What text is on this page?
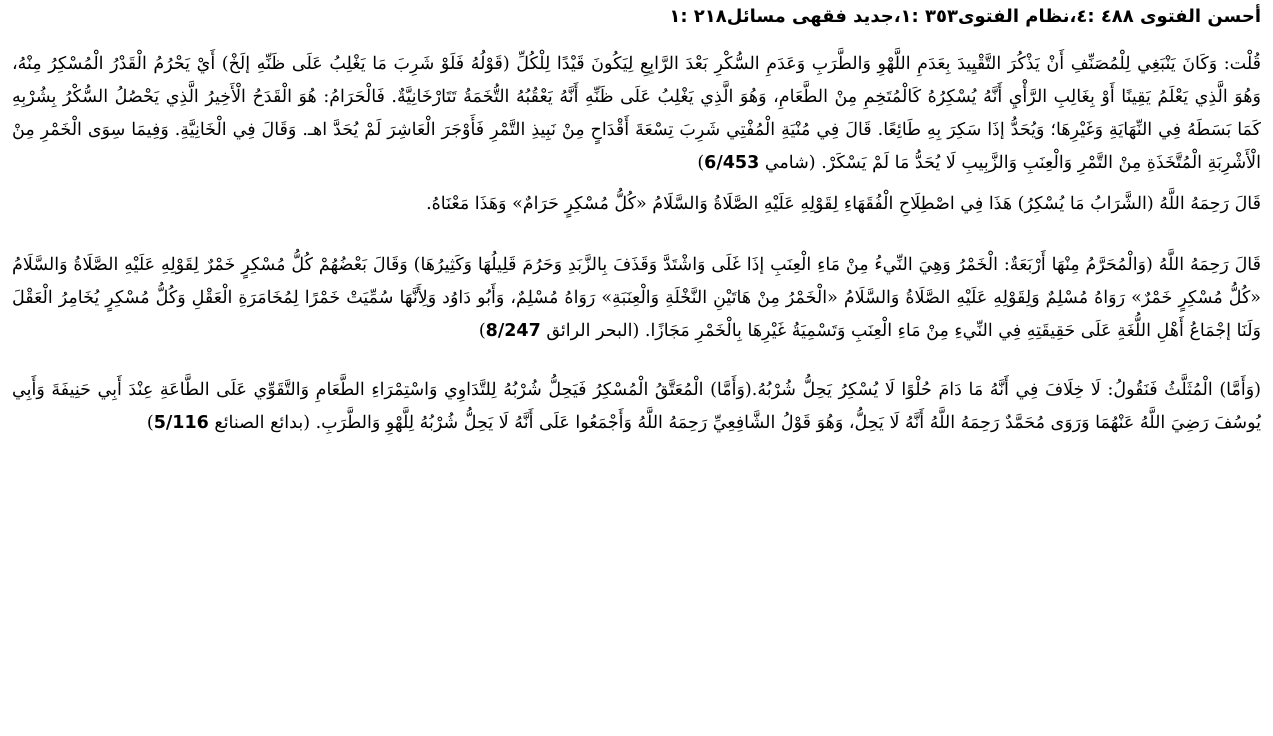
أحسن الفتوى ٤٨٨ :٤،نظام الفتوى٣٥٣ :١،جديد فقهى مسائل٢١٨ :١

قُلْت: وَكَانَ يَنْبَغِي لِلْمُصَنِّفِ أَنْ يَذْكُرَ التَّقْيِيدَ بِعَدَمِ اللَّهْوِ وَالطَّرَبِ وَعَدَمِ السُّكْرِ بَعْدَ الرَّابِعِ لِيَكُونَ قَيْدًا لِلْكُلِّ (قَوْلُهُ فَلَوْ شَرِبَ مَا يَغْلِبُ عَلَى ظَنِّهِ إلَخْ) أَيْ يَحْرُمُ الْقَدْرُ الْمُسْكِرُ مِنْهُ، وَهُوَ الَّذِي يَعْلَمُ يَقِينًا أَوْ بِغَالِبِ الرَّأْيِ أَنَّهُ يُسْكِرُهُ كَالْمُتَخِمِ مِنْ الطَّعَامِ، وَهُوَ الَّذِي يَغْلِبُ عَلَى ظَنِّهِ أَنَّهُ يَعْقُبُهُ التُّخَمَةُ تَتَارْخَانِيَّةٌ. فَالْحَرَامُ: هُوَ الْقَدَحُ الْأَخِيرُ الَّذِي يَحْصُلُ السُّكْرُ بِشُرْبِهِ كَمَا بَسَطَهُ فِي النِّهَايَةِ وَغَيْرِهَا؛ وَيُحَدُّ إذَا سَكِرَ بِهِ طَائِعًا. قَالَ فِي مُنْيَةِ الْمُفْتِي شَرِبَ تِسْعَةَ أَقْدَاحٍ مِنْ نَبِيذِ التَّمْرِ فَأَوْجَرَ الْعَاشِرَ لَمْ يُحَدَّ اهـ. وَقَالَ فِي الْخَانِيَّةِ. وَفِيمَا سِوَى الْخَمْرِ مِنْ الْأَشْرِبَةِ الْمُتَّخَذَةِ مِنْ التَّمْرِ وَالْعِنَبِ وَالزَّبِيبِ لَا يُحَدُّ مَا لَمْ يَسْكَرْ. (شامي 6/453)

قَالَ رَحِمَهُ اللَّهُ (الشَّرَابُ مَا يُسْكِرُ) هَذَا فِي اصْطِلَاحِ الْفُقَهَاءِ لِقَوْلِهِ عَلَيْهِ الصَّلَاةُ وَالسَّلَامُ «كُلُّ مُسْكِرٍ حَرَامٌ» وَهَذَا مَعْنَاهُ.

قَالَ رَحِمَهُ اللَّهُ (وَالْمُحَرَّمُ مِنْهَا أَرْبَعَةٌ: الْخَمْرُ وَهِيَ النِّيءُ مِنْ مَاءِ الْعِنَبِ إذَا غَلَى وَاشْتَدَّ وَقَذَفَ بِالزَّبَدِ وَحَرُمَ قَلِيلُهَا وَكَثِيرُهَا) وَقَالَ بَعْضُهُمْ كُلُّ مُسْكِرٍ خَمْرٌ لِقَوْلِهِ عَلَيْهِ الصَّلَاةُ وَالسَّلَامُ «كُلُّ مُسْكِرٍ خَمْرٌ» رَوَاهُ مُسْلِمٌ وَلِقَوْلِهِ عَلَيْهِ الصَّلَاةُ وَالسَّلَامُ «الْخَمْرُ مِنْ هَاتَيْنِ النَّخْلَةِ وَالْعِنَبَةِ» رَوَاهُ مُسْلِمٌ، وَأَبُو دَاوُد وَلِأَنَّهَا سُمِّيَتْ خَمْرًا لِمُخَامَرَةِ الْعَقْلِ وَكُلُّ مُسْكِرٍ يُخَامِرُ الْعَقْلَ وَلَنَا إجْمَاعُ أَهْلِ اللُّغَةِ عَلَى حَقِيقَتِهِ فِي النِّيءِ مِنْ مَاءِ الْعِنَبِ وَتَسْمِيَةُ غَيْرِهَا بِالْخَمْرِ مَجَازًا. (البحر الرائق 8/247)

(وَأَمَّا) الْمُثَلَّثُ فَنَقُولُ: لَا خِلَافَ فِي أَنَّهُ مَا دَامَ حُلْوًا لَا يُسْكِرُ يَحِلُّ شُرْبُهُ.(وَأَمَّا) الْمُعَتَّقُ الْمُسْكِرُ فَيَحِلُّ شُرْبُهُ لِلتَّدَاوِي وَاسْتِمْرَاءِ الطَّعَامِ وَالتَّقَوِّي عَلَى الطَّاعَةِ عِنْدَ أَبِي حَنِيفَةَ وَأَبِي يُوسُفَ رَضِيَ اللَّهُ عَنْهُمَا وَرَوَى مُحَمَّدٌ رَحِمَهُ اللَّهُ أَنَّهُ لَا يَحِلُّ، وَهُوَ قَوْلُ الشَّافِعِيِّ رَحِمَهُ اللَّهُ وَأَجْمَعُوا عَلَى أَنَّهُ لَا يَحِلُّ شُرْبُهُ لِلَّهْوِ وَالطَّرَبِ. (بدائع الصنائع 5/116)
